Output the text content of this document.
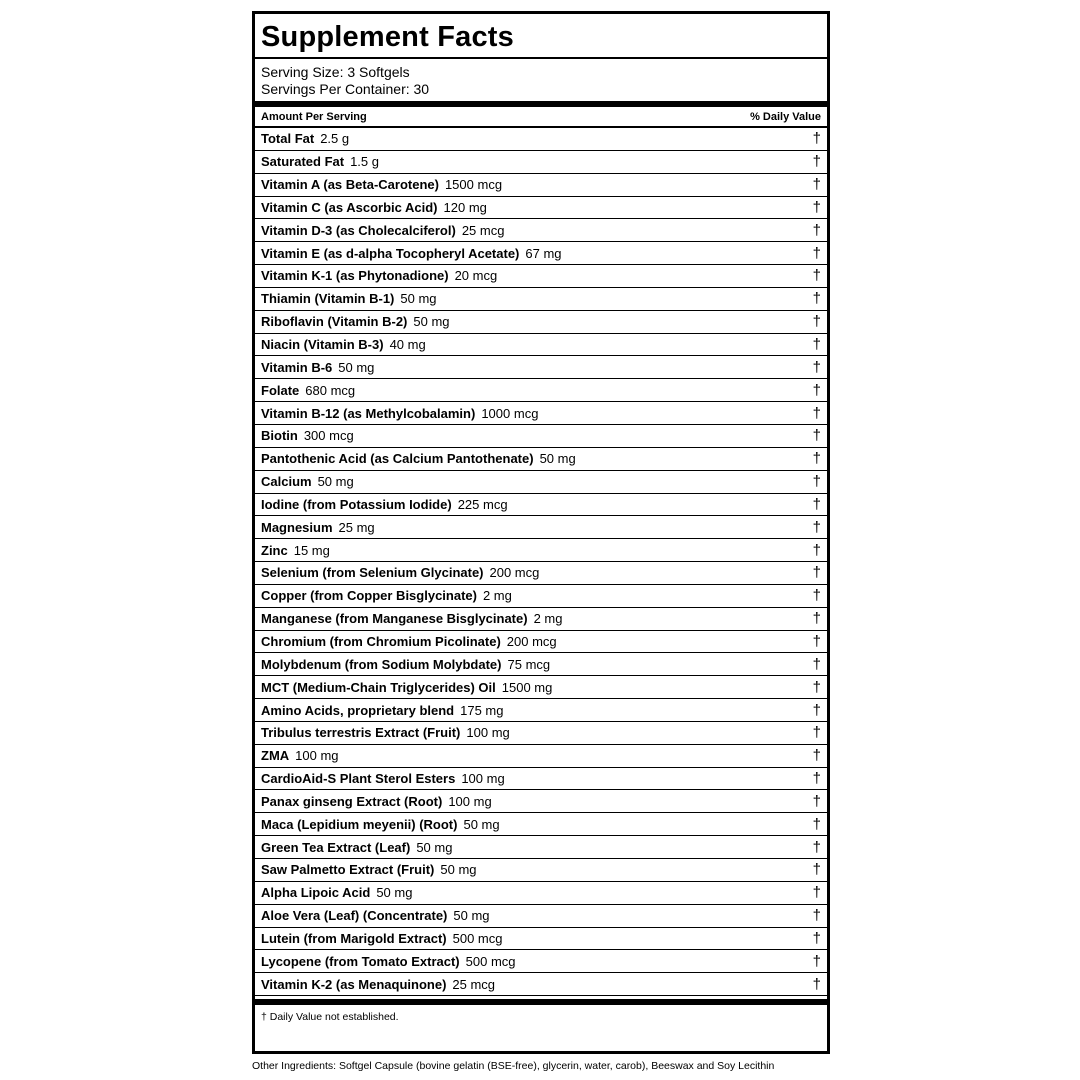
Supplement Facts
Serving Size: 3 Softgels
Servings Per Container: 30
Amount Per Serving	% Daily Value
Total Fat 2.5 g	†
Saturated Fat 1.5 g	†
Vitamin A (as Beta-Carotene) 1500 mcg	†
Vitamin C (as Ascorbic Acid) 120 mg	†
Vitamin D-3 (as Cholecalciferol) 25 mcg	†
Vitamin E (as d-alpha Tocopheryl Acetate) 67 mg	†
Vitamin K-1 (as Phytonadione) 20 mcg	†
Thiamin (Vitamin B-1) 50 mg	†
Riboflavin (Vitamin B-2) 50 mg	†
Niacin (Vitamin B-3) 40 mg	†
Vitamin B-6 50 mg	†
Folate 680 mcg	†
Vitamin B-12 (as Methylcobalamin) 1000 mcg	†
Biotin 300 mcg	†
Pantothenic Acid (as Calcium Pantothenate) 50 mg	†
Calcium 50 mg	†
Iodine (from Potassium Iodide) 225 mcg	†
Magnesium 25 mg	†
Zinc 15 mg	†
Selenium (from Selenium Glycinate) 200 mcg	†
Copper (from Copper Bisglycinate) 2 mg	†
Manganese (from Manganese Bisglycinate) 2 mg	†
Chromium (from Chromium Picolinate) 200 mcg	†
Molybdenum (from Sodium Molybdate) 75 mcg	†
MCT (Medium-Chain Triglycerides) Oil 1500 mg	†
Amino Acids, proprietary blend 175 mg	†
Tribulus terrestris Extract (Fruit) 100 mg	†
ZMA 100 mg	†
CardioAid-S Plant Sterol Esters 100 mg	†
Panax ginseng Extract (Root) 100 mg	†
Maca (Lepidium meyenii) (Root) 50 mg	†
Green Tea Extract (Leaf) 50 mg	†
Saw Palmetto Extract (Fruit) 50 mg	†
Alpha Lipoic Acid 50 mg	†
Aloe Vera (Leaf) (Concentrate) 50 mg	†
Lutein (from Marigold Extract) 500 mcg	†
Lycopene (from Tomato Extract) 500 mcg	†
Vitamin K-2 (as Menaquinone) 25 mcg	†
† Daily Value not established.
Other Ingredients: Softgel Capsule (bovine gelatin (BSE-free), glycerin, water, carob), Beeswax and Soy Lecithin
